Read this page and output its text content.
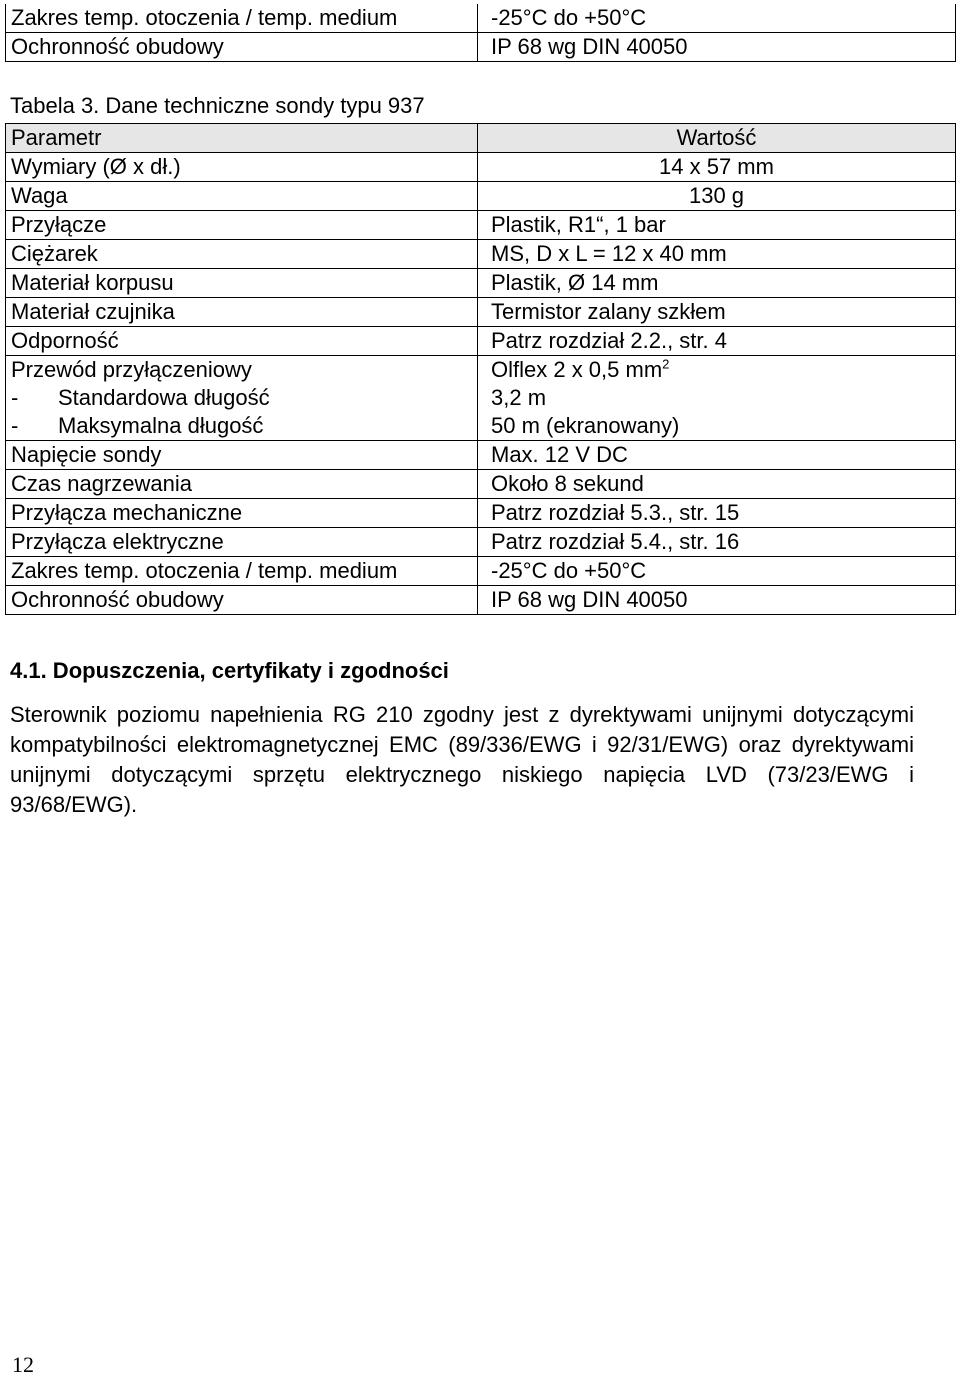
Zakres temp. otoczenia / temp. medium	-25°C do +50°C
Ochronność obudowy	IP 68 wg DIN 40050
Tabela 3. Dane techniczne sondy typu 937
Parametr	Wartość
Wymiary (Ø x dł.)	14 x 57 mm
Waga	130 g
Przyłącze	Plastik, R1“, 1 bar
Ciężarek	MS, D x L = 12 x 40 mm
Materiał korpusu	Plastik, Ø 14 mm
Materiał czujnika	Termistor zalany szkłem
Odporność	Patrz rozdział 2.2., str. 4
Przewód przyłączeniowy	Olflex 2 x 0,5 $mm^2$
- Standardowa długość	3,2 m
- Maksymalna długość	50 m (ekranowany)
Napięcie sondy	Max. 12 V DC
Czas nagrzewania	Około 8 sekund
Przyłącza mechaniczne	Patrz rozdział 5.3., str. 15
Przyłącza elektryczne	Patrz rozdział 5.4., str. 16
Zakres temp. otoczenia / temp. medium	-25°C do +50°C
Ochronność obudowy	IP 68 wg DIN 40050
4.1. Dopuszczenia, certyfikaty i zgodności
Sterownik poziomu napełnienia RG 210 zgodny jest z dyrektywami unijnymi dotyczącymi kompatybilności elektromagnetycznej EMC (89/336/EWG i 92/31/EWG) oraz dyrektywami unijnymi dotyczącymi sprzętu elektrycznego niskiego napięcia LVD (73/23/EWG i 93/68/EWG).
12
